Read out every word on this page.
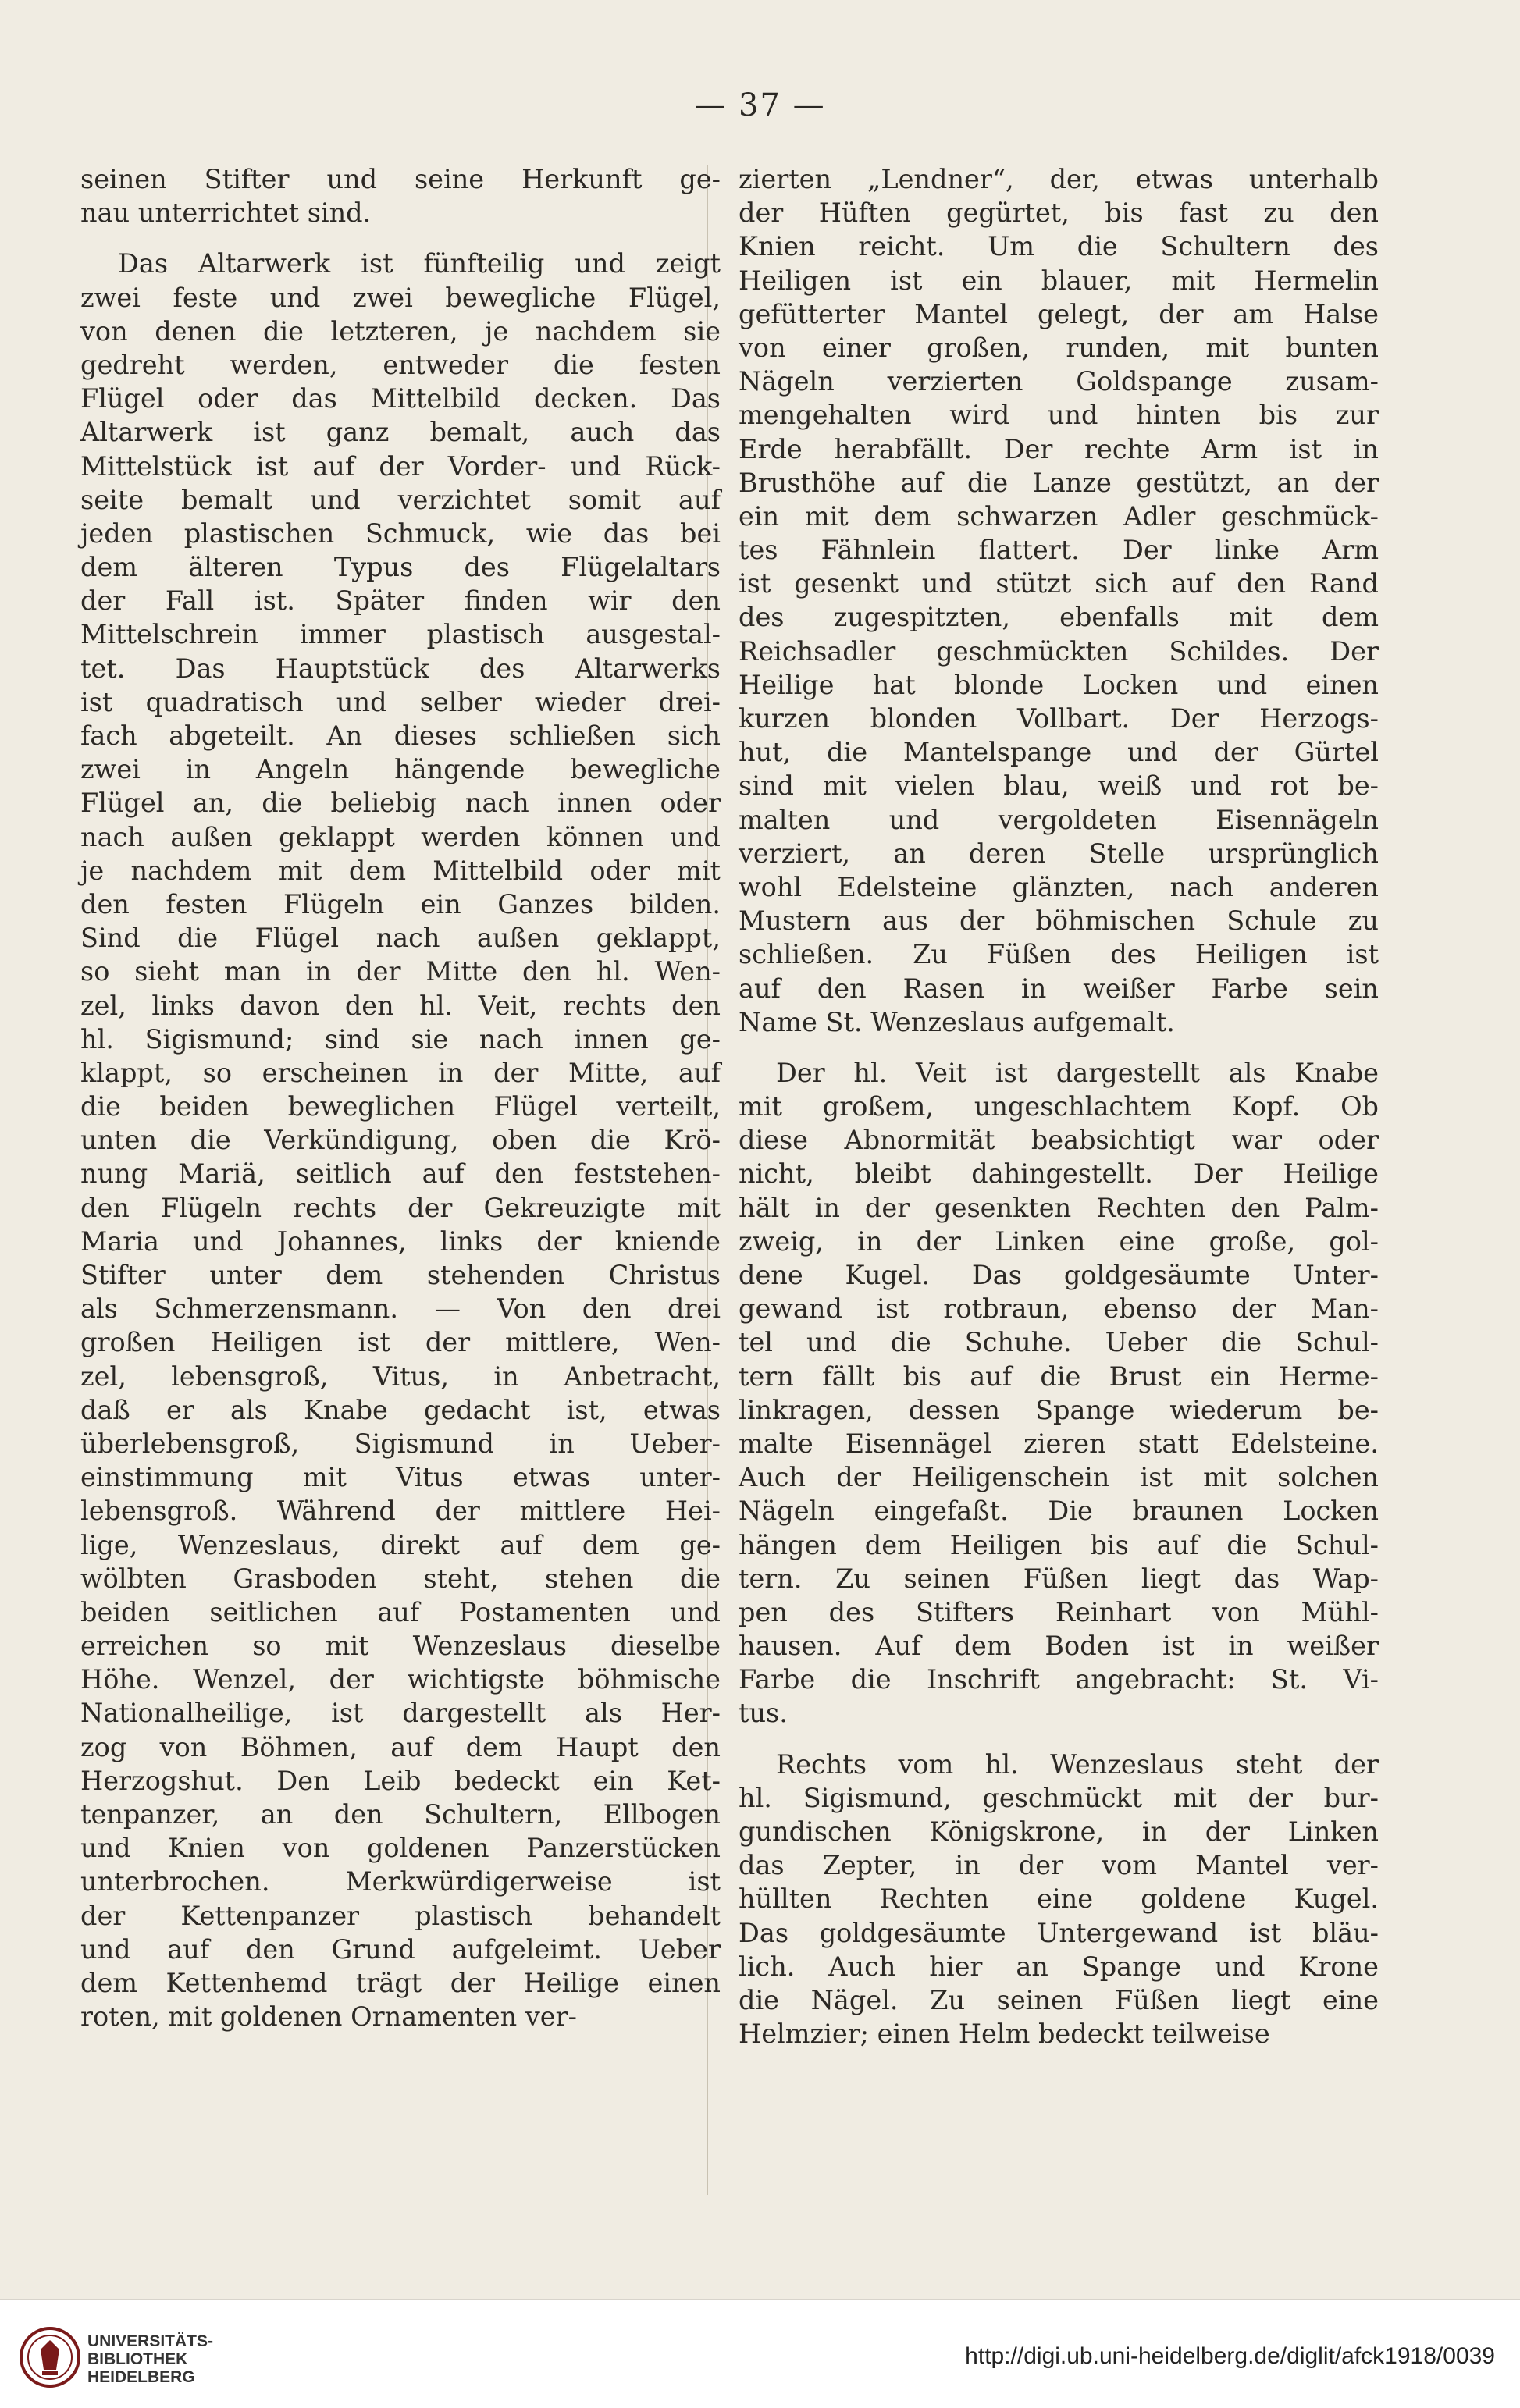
— 37 —
seinen Stifter und seine Herkunft ge-
nau unterrichtet sind.
Das Altarwerk ist fünfteilig und zeigt
zwei feste und zwei bewegliche Flügel,
von denen die letzteren, je nachdem sie
gedreht werden, entweder die festen
Flügel oder das Mittelbild decken. Das
Altarwerk ist ganz bemalt, auch das
Mittelstück ist auf der Vorder- und Rück-
seite bemalt und verzichtet somit auf
jeden plastischen Schmuck, wie das bei
dem älteren Typus des Flügelaltars
der Fall ist. Später finden wir den
Mittelschrein immer plastisch ausgestal-
tet. Das Hauptstück des Altarwerks
ist quadratisch und selber wieder drei-
fach abgeteilt. An dieses schließen sich
zwei in Angeln hängende bewegliche
Flügel an, die beliebig nach innen oder
nach außen geklappt werden können und
je nachdem mit dem Mittelbild oder mit
den festen Flügeln ein Ganzes bilden.
Sind die Flügel nach außen geklappt,
so sieht man in der Mitte den hl. Wen-
zel, links davon den hl. Veit, rechts den
hl. Sigismund; sind sie nach innen ge-
klappt, so erscheinen in der Mitte, auf
die beiden beweglichen Flügel verteilt,
unten die Verkündigung, oben die Krö-
nung Mariä, seitlich auf den feststehen-
den Flügeln rechts der Gekreuzigte mit
Maria und Johannes, links der kniende
Stifter unter dem stehenden Christus
als Schmerzensmann. — Von den drei
großen Heiligen ist der mittlere, Wen-
zel, lebensgroß, Vitus, in Anbetracht,
daß er als Knabe gedacht ist, etwas
überlebensgroß, Sigismund in Ueber-
einstimmung mit Vitus etwas unter-
lebensgroß. Während der mittlere Hei-
lige, Wenzeslaus, direkt auf dem ge-
wölbten Grasboden steht, stehen die
beiden seitlichen auf Postamenten und
erreichen so mit Wenzeslaus dieselbe
Höhe. Wenzel, der wichtigste böhmische
Nationalheilige, ist dargestellt als Her-
zog von Böhmen, auf dem Haupt den
Herzogshut. Den Leib bedeckt ein Ket-
tenpanzer, an den Schultern, Ellbogen
und Knien von goldenen Panzerstücken
unterbrochen. Merkwürdigerweise ist
der Kettenpanzer plastisch behandelt
und auf den Grund aufgeleimt. Ueber
dem Kettenhemd trägt der Heilige einen
roten, mit goldenen Ornamenten ver-
zierten „Lendner“, der, etwas unterhalb
der Hüften gegürtet, bis fast zu den
Knien reicht. Um die Schultern des
Heiligen ist ein blauer, mit Hermelin
gefütterter Mantel gelegt, der am Halse
von einer großen, runden, mit bunten
Nägeln verzierten Goldspange zusam-
mengehalten wird und hinten bis zur
Erde herabfällt. Der rechte Arm ist in
Brusthöhe auf die Lanze gestützt, an der
ein mit dem schwarzen Adler geschmück-
tes Fähnlein flattert. Der linke Arm
ist gesenkt und stützt sich auf den Rand
des zugespitzten, ebenfalls mit dem
Reichsadler geschmückten Schildes. Der
Heilige hat blonde Locken und einen
kurzen blonden Vollbart. Der Herzogs-
hut, die Mantelspange und der Gürtel
sind mit vielen blau, weiß und rot be-
malten und vergoldeten Eisennägeln
verziert, an deren Stelle ursprünglich
wohl Edelsteine glänzten, nach anderen
Mustern aus der böhmischen Schule zu
schließen. Zu Füßen des Heiligen ist
auf den Rasen in weißer Farbe sein
Name St. Wenzeslaus aufgemalt.
Der hl. Veit ist dargestellt als Knabe
mit großem, ungeschlachtem Kopf. Ob
diese Abnormität beabsichtigt war oder
nicht, bleibt dahingestellt. Der Heilige
hält in der gesenkten Rechten den Palm-
zweig, in der Linken eine große, gol-
dene Kugel. Das goldgesäumte Unter-
gewand ist rotbraun, ebenso der Man-
tel und die Schuhe. Ueber die Schul-
tern fällt bis auf die Brust ein Herme-
linkragen, dessen Spange wiederum be-
malte Eisennägel zieren statt Edelsteine.
Auch der Heiligenschein ist mit solchen
Nägeln eingefaßt. Die braunen Locken
hängen dem Heiligen bis auf die Schul-
tern. Zu seinen Füßen liegt das Wap-
pen des Stifters Reinhart von Mühl-
hausen. Auf dem Boden ist in weißer
Farbe die Inschrift angebracht: St. Vi-
tus.
Rechts vom hl. Wenzeslaus steht der
hl. Sigismund, geschmückt mit der bur-
gundischen Königskrone, in der Linken
das Zepter, in der vom Mantel ver-
hüllten Rechten eine goldene Kugel.
Das goldgesäumte Untergewand ist bläu-
lich. Auch hier an Spange und Krone
die Nägel. Zu seinen Füßen liegt eine
Helmzier; einen Helm bedeckt teilweise
UNIVERSITÄTS-
BIBLIOTHEK
HEIDELBERG
http://digi.ub.uni-heidelberg.de/diglit/afck1918/0039
